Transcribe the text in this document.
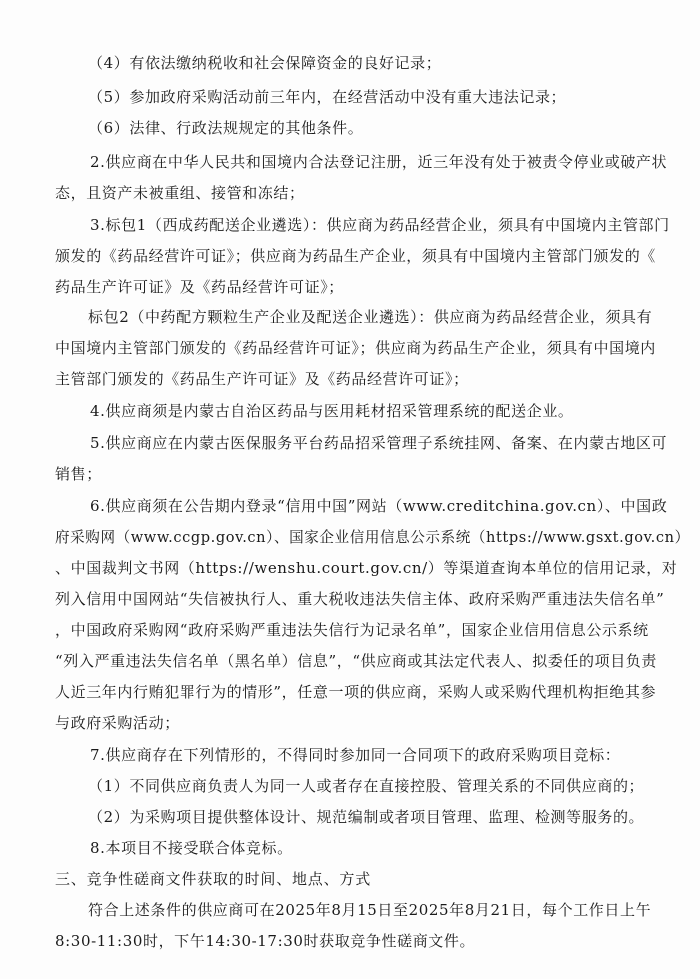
（4）有依法缴纳税收和社会保障资金的良好记录；
（5）参加政府采购活动前三年内，在经营活动中没有重大违法记录；
（6）法律、行政法规规定的其他条件。
2.供应商在中华人民共和国境内合法登记注册，近三年没有处于被责令停业或破产状
态，且资产未被重组、接管和冻结；
3.标包1（西成药配送企业遴选）：供应商为药品经营企业，须具有中国境内主管部门
颁发的《药品经营许可证》；供应商为药品生产企业，须具有中国境内主管部门颁发的《
药品生产许可证》及《药品经营许可证》；
标包2（中药配方颗粒生产企业及配送企业遴选）：供应商为药品经营企业，须具有
中国境内主管部门颁发的《药品经营许可证》；供应商为药品生产企业，须具有中国境内
主管部门颁发的《药品生产许可证》及《药品经营许可证》；
4.供应商须是内蒙古自治区药品与医用耗材招采管理系统的配送企业。
5.供应商应在内蒙古医保服务平台药品招采管理子系统挂网、备案、在内蒙古地区可
销售；
6.供应商须在公告期内登录“信用中国”网站（www.creditchina.gov.cn）、中国政
府采购网（www.ccgp.gov.cn）、国家企业信用信息公示系统（https://www.gsxt.gov.cn）
、中国裁判文书网（https://wenshu.court.gov.cn/）等渠道查询本单位的信用记录，对
列入信用中国网站“失信被执行人、重大税收违法失信主体、政府采购严重违法失信名单”
，中国政府采购网“政府采购严重违法失信行为记录名单”，国家企业信用信息公示系统
“列入严重违法失信名单（黑名单）信息”，“供应商或其法定代表人、拟委任的项目负责
人近三年内行贿犯罪行为的情形”，任意一项的供应商，采购人或采购代理机构拒绝其参
与政府采购活动；
7.供应商存在下列情形的，不得同时参加同一合同项下的政府采购项目竞标：
（1）不同供应商负责人为同一人或者存在直接控股、管理关系的不同供应商的；
（2）为采购项目提供整体设计、规范编制或者项目管理、监理、检测等服务的。
8.本项目不接受联合体竞标。
三、竞争性磋商文件获取的时间、地点、方式
符合上述条件的供应商可在2025年8月15日至2025年8月21日，每个工作日上午
8:30-11:30时，下午14:30-17:30时获取竞争性磋商文件。
